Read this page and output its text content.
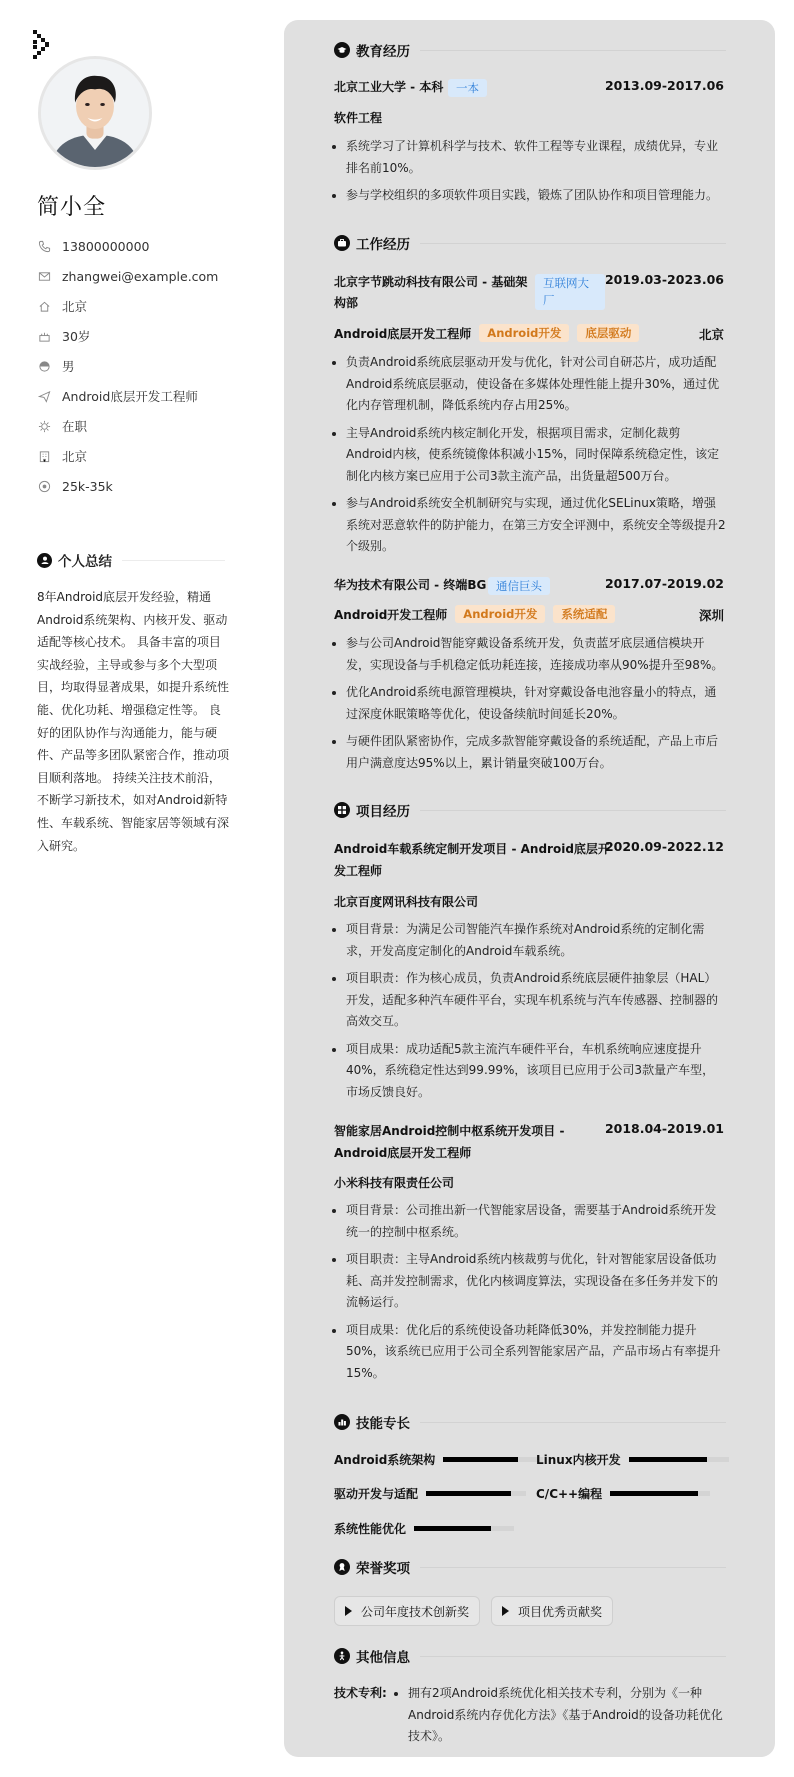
简小全
13800000000
zhangwei@example.com
北京
30岁
男
Android底层开发工程师
在职
北京
25k-35k
个人总结
8年Android底层开发经验，精通Android系统架构、内核开发、驱动适配等核心技术。 具备丰富的项目实战经验，主导或参与多个大型项目，均取得显著成果，如提升系统性能、优化功耗、增强稳定性等。 良好的团队协作与沟通能力，能与硬件、产品等多团队紧密合作，推动项目顺利落地。 持续关注技术前沿，不断学习新技术，如对Android新特性、车载系统、智能家居等领域有深入研究。
教育经历
北京工业大学 - 本科	一本	2013.09-2017.06
软件工程
系统学习了计算机科学与技术、软件工程等专业课程，成绩优异，专业排名前10%。
参与学校组织的多项软件项目实践，锻炼了团队协作和项目管理能力。
工作经历
北京字节跳动科技有限公司 - 基础架构部
互联网大厂
2019.03-2023.06
Android底层开发工程师	Android开发	底层驱动	北京
负责Android系统底层驱动开发与优化，针对公司自研芯片，成功适配Android系统底层驱动，使设备在多媒体处理性能上提升30%，通过优化内存管理机制，降低系统内存占用25%。
主导Android系统内核定制化开发，根据项目需求，定制化裁剪Android内核，使系统镜像体积减小15%，同时保障系统稳定性，该定制化内核方案已应用于公司3款主流产品，出货量超500万台。
参与Android系统安全机制研究与实现，通过优化SELinux策略，增强系统对恶意软件的防护能力，在第三方安全评测中，系统安全等级提升2个级别。
华为技术有限公司 - 终端BG 通信巨头	2017.07-2019.02
Android开发工程师	Android开发	系统适配	深圳
参与公司Android智能穿戴设备系统开发，负责蓝牙底层通信模块开发，实现设备与手机稳定低功耗连接，连接成功率从90%提升至98%。
优化Android系统电源管理模块，针对穿戴设备电池容量小的特点，通过深度休眠策略等优化，使设备续航时间延长20%。
与硬件团队紧密协作，完成多款智能穿戴设备的系统适配，产品上市后用户满意度达95%以上，累计销量突破100万台。
项目经历
Android车载系统定制开发项目 - Android底层开发工程师
2020.09-2022.12
北京百度网讯科技有限公司
项目背景：为满足公司智能汽车操作系统对Android系统的定制化需求，开发高度定制化的Android车载系统。
项目职责：作为核心成员，负责Android系统底层硬件抽象层（HAL）开发，适配多种汽车硬件平台，实现车机系统与汽车传感器、控制器的高效交互。
项目成果：成功适配5款主流汽车硬件平台，车机系统响应速度提升40%，系统稳定性达到99.99%，该项目已应用于公司3款量产车型，市场反馈良好。
智能家居Android控制中枢系统开发项目 - Android底层开发工程师
2018.04-2019.01
小米科技有限责任公司
项目背景：公司推出新一代智能家居设备，需要基于Android系统开发统一的控制中枢系统。
项目职责：主导Android系统内核裁剪与优化，针对智能家居设备低功耗、高并发控制需求，优化内核调度算法，实现设备在多任务并发下的流畅运行。
项目成果：优化后的系统使设备功耗降低30%，并发控制能力提升50%，该系统已应用于公司全系列智能家居产品，产品市场占有率提升15%。
技能专长
Android系统架构	Linux内核开发
驱动开发与适配	C/C++编程
系统性能优化
荣誉奖项
公司年度技术创新奖	项目优秀贡献奖
其他信息
技术专利:	拥有2项Android系统优化相关技术专利，分别为《一种Android系统内存优化方法》《基于Android的设备功耗优化技术》。
